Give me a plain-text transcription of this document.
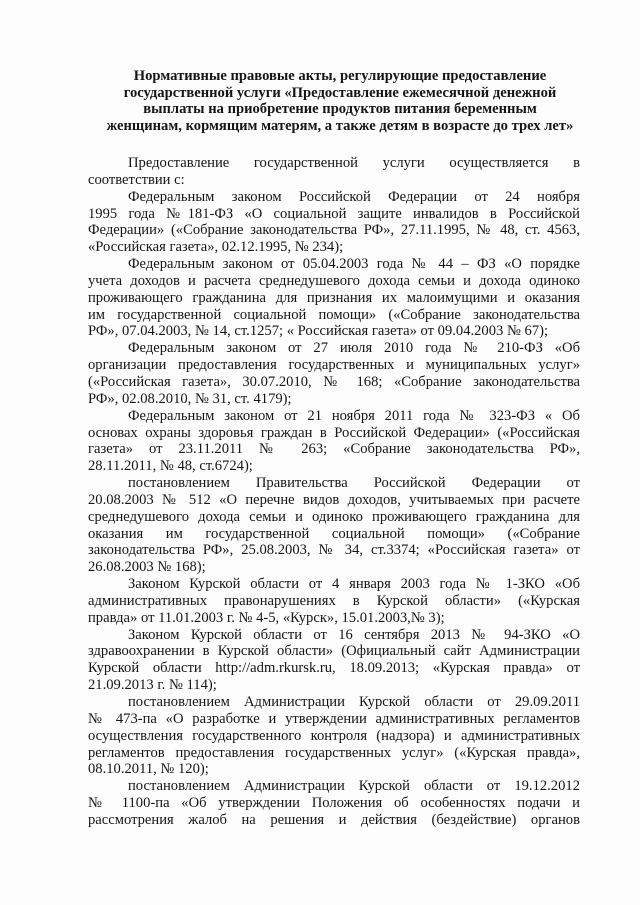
Нормативные правовые акты, регулирующие предоставление
государственной услуги «Предоставление ежемесячной денежной
выплаты на приобретение продуктов питания беременным
женщинам, кормящим матерям, а также детям в возрасте до трех лет»
Предоставление государственной услуги осуществляется в
соответствии с:
Федеральным законом Российской Федерации от 24 ноября
1995 года №181-ФЗ «О социальной защите инвалидов в Российской
Федерации» («Собрание законодательства РФ», 27.11.1995, № 48, ст. 4563,
«Российская газета», 02.12.1995, № 234);
Федеральным законом от 05.04.2003 года № 44 – ФЗ «О порядке
учета доходов и расчета среднедушевого дохода семьи и дохода одиноко
проживающего гражданина для признания их малоимущими и оказания
им государственной социальной помощи» («Собрание законодательства
РФ», 07.04.2003, № 14, ст.1257; « Российская газета» от 09.04.2003 № 67);
Федеральным законом от 27 июля 2010 года № 210-ФЗ «Об
организации предоставления государственных и муниципальных услуг»
(«Российская газета», 30.07.2010, № 168; «Собрание законодательства
РФ», 02.08.2010, № 31, ст. 4179);
Федеральным законом от 21 ноября 2011 года № 323-ФЗ « Об
основах охраны здоровья граждан в Российской Федерации» («Российская
газета» от 23.11.2011 № 263; «Собрание законодательства РФ»,
28.11.2011, № 48, ст.6724);
постановлением Правительства Российской Федерации от
20.08.2003 № 512 «О перечне видов доходов, учитываемых при расчете
среднедушевого дохода семьи и одиноко проживающего гражданина для
оказания им государственной социальной помощи» («Собрание
законодательства РФ», 25.08.2003, № 34, ст.3374; «Российская газета» от
26.08.2003 № 168);
Законом Курской области от 4 января 2003 года № 1-ЗКО «Об
административных правонарушениях в Курской области» («Курская
правда» от 11.01.2003 г. № 4-5, «Курск», 15.01.2003,№ 3);
Законом Курской области от 16 сентября 2013 № 94-ЗКО «О
здравоохранении в Курской области» (Официальный сайт Администрации
Курской области http://adm.rkursk.ru, 18.09.2013; «Курская правда» от
21.09.2013 г. № 114);
постановлением Администрации Курской области от 29.09.2011
№ 473-па «О разработке и утверждении административных регламентов
осуществления государственного контроля (надзора) и административных
регламентов предоставления государственных услуг» («Курская правда»,
08.10.2011, № 120);
постановлением Администрации Курской области от 19.12.2012
№ 1100-па «Об утверждении Положения об особенностях подачи и
рассмотрения жалоб на решения и действия (бездействие) органов
